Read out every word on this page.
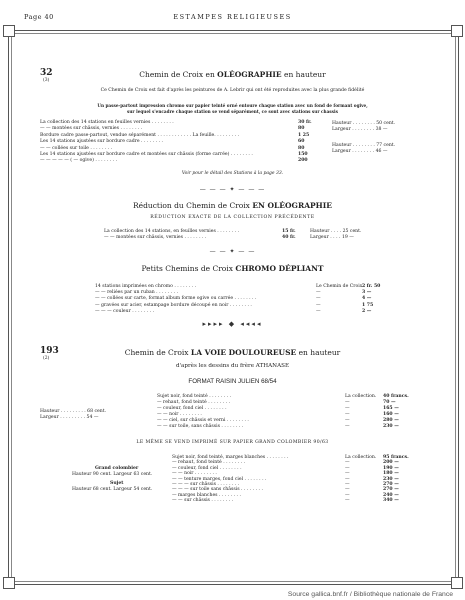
Page 40	ESTAMPES RELIGIEUSES
32
(3)
Chemin de Croix en OLÉOGRAPHIE en hauteur
Ce Chemin de Croix est fait d'après les peintures de A. Lebrir qui ont été reproduites avec la plus grande fidélité
Un passe-partout impression chromo sur papier teinté orné entoure chaque station avec un fond de formant ogive,
sur lequel s'encadre chaque station se vend séparément, ce sont avec stations sur chassis
La collection des 14 stations en feuilles vernies . . . . . . . .	30 fr.
— — montées sur châssis, vernies . . . . . . . .	80
Bordure cadre passe-partout, vendue séparément . . . . . . . . . . . . La feuille. . . . . . . . .	1 25
Les 14 stations ajustées sur bordure cadre . . . . . . . .	60
— — collées sur toile . . . . . . . .	80
Les 14 stations ajustées sur bordure cadre et montées sur châssis (forme carrée) . . . . . . . .	150
— — — — — ( — ogive) . . . . . . . .	200
Hauteur . . . . . . . . 50 cent.
Largeur . . . . . . . . 38 —
Hauteur . . . . . . . . 77 cent.
Largeur . . . . . . . . 46 —
Voir pour le détail des Stations à la page 33.
— — — ✦ — — —
Réduction du Chemin de Croix EN OLÉOGRAPHIE
RÉDUCTION EXACTE DE LA COLLECTION PRÉCÉDENTE
La collection des 14 stations, en feuilles vernies . . . . . . . .	15 fr.	Hauteur . . . . 25 cent.
— — montées sur châssis, vernies . . . . . . . .	40 fr.	Largeur . . . . 19 —
— — ✦ — —
Petits Chemins de Croix CHROMO DÉPLIANT
14 stations imprimées en chromo . . . . . . . .	Le Chemin de Croix 2 fr. 50
— — reliées par un ruban . . . . . . . .	—	3 —
— — collées sur carte, format album forme ogive ou carrée . . . . . . . .	—	4 —
— gravées sur acier, estampage bordure découpé en noir . . . . . . . .	—	1 75
— — — couleur . . . . . . . .	—	2 —
▸▸▸▸ ◆ ◂◂◂◂
193
(2)
Chemin de Croix LA VOIE DOULOUREUSE en hauteur
d'après les dessins du frère ATHANASE
FORMAT RAISIN JULIEN 68/54
Sujet noir, fond teinté . . . . . . . .	La collection. 40 francs.
— rehaut, fond teinté . . . . . . . .	—	70 —
— couleur, fond ciel . . . . . . . .	—	165 —
— — noir . . . . . . . .	—	160 —
— — ciel, sur châssis et verni . . . . . . . .	—	280 —
— — sur toile, sans châssis . . . . . . . .	—	230 —
Hauteur . . . . . . . . . 68 cent.
Largeur . . . . . . . . . 54 —
LE MÊME SE VEND IMPRIMÉ SUR PAPIER GRAND COLOMBIER 90/63
Sujet noir, fond teinté, marges blanches . . . . . . . .	La collection. 95 francs.
— rehaut, fond teinté . . . . . . . .	—	200 —
— couleur, fond ciel . . . . . . . .	—	190 —
— — noir . . . . . . . .	—	180 —
— — tenture marges, fond ciel . . . . . . . .	—	230 —
— — — sur châssis . . . . . . . .	—	270 —
— — — sur toile sans châssis . . . . . . . .	—	270 —
— marges blanches . . . . . . . .	—	240 —
— — sur châssis . . . . . . . .	—	340 —
Grand colombier
Hauteur 90 cent. Largeur 63 cent.
Sujet
Hauteur 68 cent. Largeur 54 cent.
Source gallica.bnf.fr / Bibliothèque nationale de France
